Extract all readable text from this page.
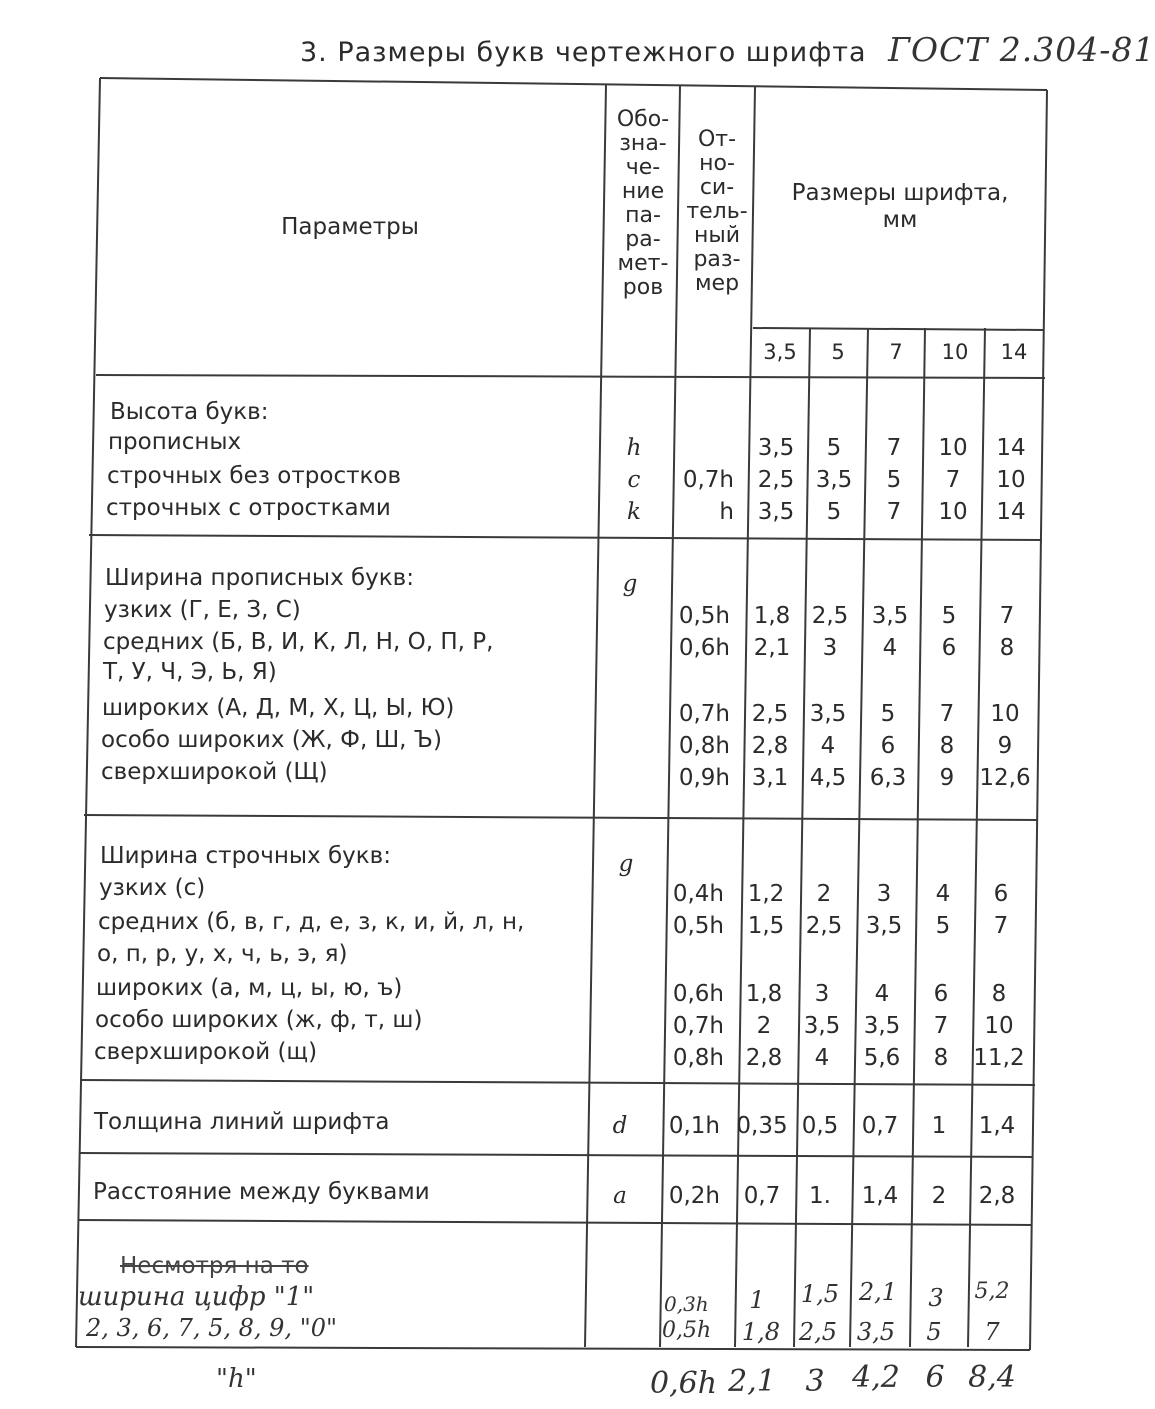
3. Размеры букв чертежного шрифта ГОСТ 2.304-81
Параметры
Обо-
зна-
че-
ние
па-
ра-
мет-
ров
От-
но-
си-
тель-
ный
раз-
мер
Размеры шрифта,
мм
3,5	5	7	10	14
Высота букв:
прописных
строчных без отростков
строчных с отростками
h
c
k
0,7h
h
3,5	5	7	10	14
2,5 3,5	5	7	10
3,5	5	7	10	14
Ширина прописных букв:	g
узких (Г, Е, З, С)
средних (Б, В, И, К, Л, Н, О, П, Р,
Т, У, Ч, Э, Ь, Я)
широких (А, Д, М, Х, Ц, Ы, Ю)
особо широких (Ж, Ф, Ш, Ъ)
сверхширокой (Щ)
0,5h
0,6h
0,7h
0,8h
0,9h
1,8 2,5	3,5	5	7
2,1	3	4	6	8
2,5 3,5	5	7	10
2,8	4	6	8	9
3,1 4,5	6,3	9	12,6
Ширина строчных букв:	g
узких (с)
средних (б, в, г, д, е, з, к, и, й, л, н,
о, п, р, у, х, ч, ь, э, я)
широких (а, м, ц, ы, ю, ъ)
особо широких (ж, ф, т, ш)
сверхширокой (щ)
0,4h
0,5h
0,6h
0,7h
0,8h
1,2	2	3	4	6
1,5 2,5	3,5	5	7
1,8	3	4	6	8
2	3,5	3,5	7	10
2,8	4	5,6	8	11,2
Толщина линий шрифта	d	0,1h 0,35 0,5	0,7	1	1,4
Расстояние между буквами	a	0,2h	0,7	1.	1,4	2	2,8
Несмотря на то
ширина цифр "1"
2, 3, 6, 7, 5, 8, 9, "0"
0,3h
0,5h
1	1,5 2,1	3	5,2
1,8 2,5 3,5	5	7
"h"	0,6h 2,1 3 4,2 6 8,4
